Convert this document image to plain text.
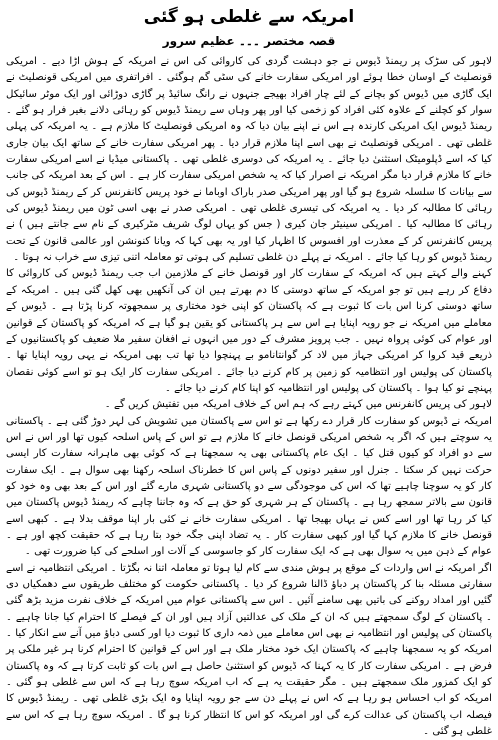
امریکہ سے غلطی ہو گئی
قصہ مختصر ۔۔۔ عظیم سرور

لاہور کی سڑک پر ریمنڈ ڈیوس نے جو دہشت گردی کی کاروائی کی اس نے امریکہ کے ہوش اڑا دیے ۔ امریکی قونصلیٹ کے اوسان خطا ہوئے اور امریکی سفارت خانے کی سٹی گم ہوگئی ۔ افراتفری میں امریکی قونصلیٹ نے ایک گاڑی میں ڈیوس کو بچانے کے لئے چار افراد بھیجے جنہوں نے رانگ سائیڈ پر گاڑی دوڑائی اور ایک موٹر سائیکل سوار کو کچلنے کے علاوہ کئی افراد کو زخمی کیا اور پھر وہاں سے ریمنڈ ڈیوس کو رہائی دلانے بغیر فرار ہو گئے ۔ ریمنڈ ڈیوس ایک امریکی کارندہ ہے اس نے اپنے بیان دیا کہ وہ امریکی قونصلیٹ کا ملازم ہے ۔ یہ امریکہ کی پہلی غلطی تھی ۔ امریکی قونصلیٹ نے بھی اسے اپنا ملازم قرار دیا ۔ پھر امریکی سفارت خانے کے ساتھ ایک بیان جاری کیا کہ اسے ڈپلومیٹک استثنیٰ دیا جائے ۔ یہ امریکہ کی دوسری غلطی تھی ۔ پاکستانی میڈیا نے اسے امریکی سفارت خانے کا ملازم قرار دیا مگر امریکہ نے اصرار کیا کہ یہ شخص امریکی سفارت کار ہے ۔ اس کے بعد امریکہ کی جانب سے بیانات کا سلسلہ شروع ہو گیا اور پھر امریکی صدر باراک اوباما نے خود پریس کانفرنس کر کے ریمنڈ ڈیوس کی رہائی کا مطالبہ کر دیا ۔ یہ امریکہ کی تیسری غلطی تھی ۔ امریکی صدر نے بھی اسی ٹون میں ریمنڈ ڈیوس کی رہائی کا مطالبہ کیا ۔ امریکی سینیٹر جان کیری ( جس کو یہاں لوگ شریف مٹرکیری کے نام سے جانتے ہیں ) نے پریس کانفرنس کر کے معذرت اور افسوس کا اظہار کیا اور یہ بھی کہا کہ ویانا کنونشن اور عالمی قانون کے تحت ریمنڈ ڈیوس کو رہا کیا جائے ۔ امریکہ نے پہلے دن غلطی تسلیم کی ہوتی تو معاملہ اتنی تیزی سے خراب نہ ہوتا ۔

کہنے والے کہتے ہیں کہ امریکہ کے سفارت کار اور قونصل خانے کے ملازمین اب جب ریمنڈ ڈیوس کی کاروائی کا دفاع کر رہے ہیں تو جو امریکہ کے ساتھ دوستی کا دم بھرتے ہیں ان کی آنکھیں بھی کھل گئی ہیں ۔ امریکہ کے ساتھ دوستی کرنا اس بات کا ثبوت ہے کہ پاکستان کو اپنی خود مختاری پر سمجھوتہ کرنا پڑتا ہے ۔ ڈیوس کے معاملے میں امریکہ نے جو رویہ اپنایا ہے اس سے ہر پاکستانی کو یقین ہو گیا ہے کہ امریکہ کو پاکستان کے قوانین اور عوام کی کوئی پرواہ نہیں ۔ جب پرویز مشرف کے دور میں انہوں نے افغان سفیر ملا ضعیف کو پاکستانیوں کے ذریعے قید کروا کر امریکی جہاز میں لاد کر گوانتانامو بے پہنچوا دیا تھا تب بھی امریکہ نے یہی رویہ اپنایا تھا ۔ پاکستان کی پولیس اور انتظامیہ کو زمین پر کام کرنے دیا جائے ۔ امریکی سفارت کار ایک ہو تو اسے کوئی نقصان پہنچے تو کیا ہوا ۔ پاکستان کی پولیس اور انتظامیہ کو اپنا کام کرنے دیا جائے ۔

لاہور کی پریس کانفرنس میں کہتے رہے کہ ہم اس کے خلاف امریکہ میں تفتیش کریں گے ۔

امریکہ نے ڈیوس کو سفارت کار قرار دے رکھا ہے تو اس سے پاکستان میں تشویش کی لہر دوڑ گئی ہے ۔ پاکستانی یہ سوچتے ہیں کہ اگر یہ شخص امریکی قونصل خانے کا ملازم ہے تو اس کے پاس اسلحہ کیوں تھا اور اس نے اس سے دو افراد کو کیوں قتل کیا ۔ ایک عام پاکستانی بھی یہ سمجھتا ہے کہ کوئی بھی ماہرانہ سفارت کار ایسی حرکت نہیں کر سکتا ۔ جنرل اور سفیر دونوں کے پاس اس کا خطرناک اسلحہ رکھنا بھی سوال ہے ۔ ایک سفارت کار کو یہ سوچنا چاہیے تھا کہ اس کی موجودگی سے دو پاکستانی شہری مارے گئے اور اس کے بعد بھی وہ خود کو قانون سے بالاتر سمجھ رہا ہے ۔ پاکستان کے ہر شہری کو حق ہے کہ وہ جاننا چاہے کہ ریمنڈ ڈیوس پاکستان میں کیا کر رہا تھا اور اسے کس نے یہاں بھیجا تھا ۔ امریکی سفارت خانے نے کئی بار اپنا موقف بدلا ہے ۔ کبھی اسے قونصل خانے کا ملازم کہا گیا اور کبھی سفارت کار ۔ یہ تضاد اپنی جگہ خود بتا رہا ہے کہ حقیقت کچھ اور ہے ۔ عوام کے ذہن میں یہ سوال بھی ہے کہ ایک سفارت کار کو جاسوسی کے آلات اور اسلحے کی کیا ضرورت تھی ۔

اگر امریکہ نے اس واردات کے موقع پر ہوش مندی سے کام لیا ہوتا تو معاملہ اتنا نہ بگڑتا ۔ امریکی انتظامیہ نے اسے سفارتی مسئلہ بنا کر پاکستان پر دباؤ ڈالنا شروع کر دیا ۔ پاکستانی حکومت کو مختلف طریقوں سے دھمکیاں دی گئیں اور امداد روکنے کی باتیں بھی سامنے آئیں ۔ اس سے پاکستانی عوام میں امریکہ کے خلاف نفرت مزید بڑھ گئی ۔ پاکستان کے لوگ سمجھتے ہیں کہ ان کے ملک کی عدالتیں آزاد ہیں اور ان کے فیصلے کا احترام کیا جانا چاہیے ۔ پاکستان کی پولیس اور انتظامیہ نے بھی اس معاملے میں ذمہ داری کا ثبوت دیا اور کسی دباؤ میں آنے سے انکار کیا ۔ امریکہ کو یہ سمجھنا چاہیے کہ پاکستان ایک خود مختار ملک ہے اور اس کے قوانین کا احترام کرنا ہر غیر ملکی پر فرض ہے ۔ امریکی سفارت کار کا یہ کہنا کہ ڈیوس کو استثنیٰ حاصل ہے اس بات کو ثابت کرتا ہے کہ وہ پاکستان کو ایک کمزور ملک سمجھتے ہیں ۔ مگر حقیقت یہ ہے کہ اب امریکہ سوچ رہا ہے کہ اس سے غلطی ہو گئی ۔ امریکہ کو اب احساس ہو رہا ہے کہ اس نے پہلے دن سے جو رویہ اپنایا وہ ایک بڑی غلطی تھی ۔ ریمنڈ ڈیوس کا فیصلہ اب پاکستان کی عدالت کرے گی اور امریکہ کو اس کا انتظار کرنا ہو گا ۔ امریکہ سوچ رہا ہے کہ اس سے غلطی ہو گئی ۔
